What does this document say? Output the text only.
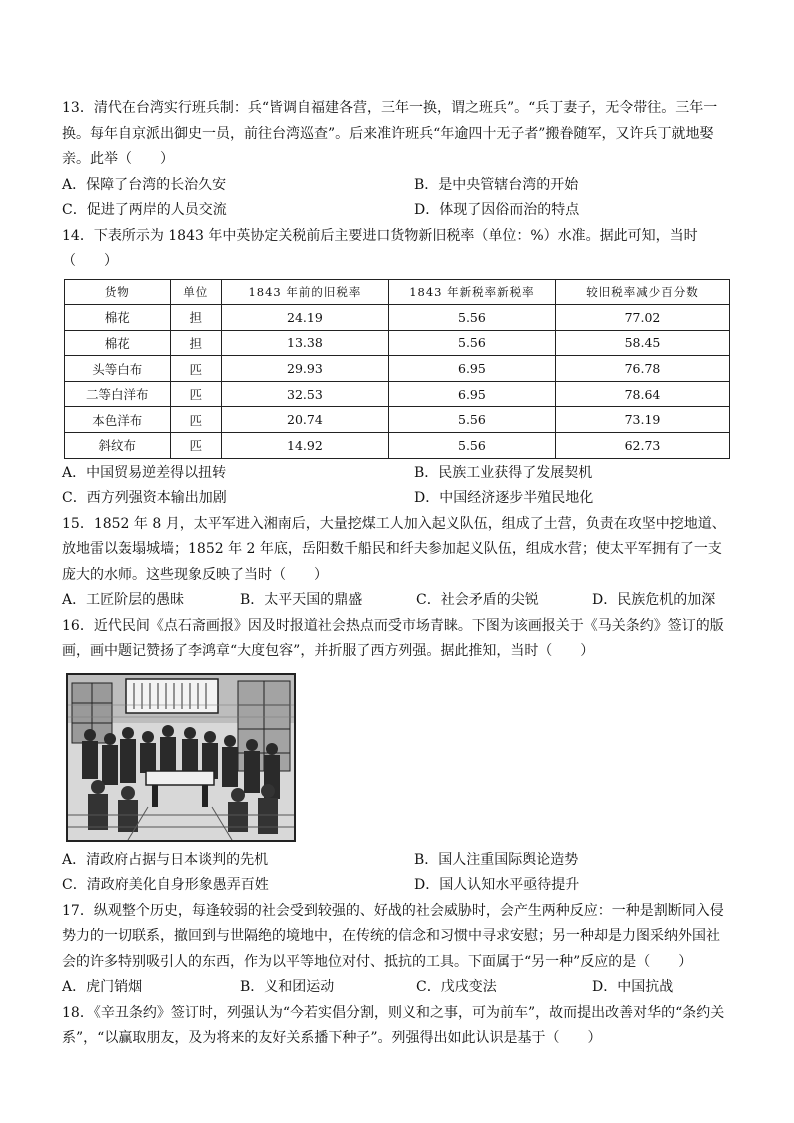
13．清代在台湾实行班兵制：兵“皆调自福建各营，三年一换，谓之班兵”。“兵丁妻子，无令带往。三年一换。每年自京派出御史一员，前往台湾巡查”。后来准许班兵“年逾四十无子者”搬眷随军，又许兵丁就地娶亲。此举（　　）

A．保障了台湾的长治久安	B．是中央管辖台湾的开始
C．促进了两岸的人员交流	D．体现了因俗而治的特点

14．下表所示为 1843 年中英协定关税前后主要进口货物新旧税率（单位：%）水准。据此可知，当时（　　）

货物	单位	1843 年前的旧税率	1843 年新税率新税率	较旧税率减少百分数
棉花	担	24.19	5.56	77.02
棉花	担	13.38	5.56	58.45
头等白布	匹	29.93	6.95	76.78
二等白洋布	匹	32.53	6.95	78.64
本色洋布	匹	20.74	5.56	73.19
斜纹布	匹	14.92	5.56	62.73
A．中国贸易逆差得以扭转	B．民族工业获得了发展契机
C．西方列强资本输出加剧	D．中国经济逐步半殖民地化

15．1852 年 8 月，太平军进入湘南后，大量挖煤工人加入起义队伍，组成了土营，负责在攻坚中挖地道、放地雷以轰塌城墙；1852 年 2 年底，岳阳数千船民和纤夫参加起义队伍，组成水营；使太平军拥有了一支庞大的水师。这些现象反映了当时（　　）

A．工匠阶层的愚昧	B．太平天国的鼎盛	C．社会矛盾的尖锐	D．民族危机的加深

16．近代民间《点石斋画报》因及时报道社会热点而受市场青睐。下图为该画报关于《马关条约》签订的版画，画中题记赞扬了李鸿章“大度包容”，并折服了西方列强。据此推知，当时（　　）

A．清政府占据与日本谈判的先机	B．国人注重国际舆论造势
C．清政府美化自身形象愚弄百姓	D．国人认知水平亟待提升

17．纵观整个历史，每逢较弱的社会受到较强的、好战的社会威胁时，会产生两种反应：一种是割断同入侵势力的一切联系，撤回到与世隔绝的境地中，在传统的信念和习惯中寻求安慰；另一种却是力图采纳外国社会的许多特别吸引人的东西，作为以平等地位对付、抵抗的工具。下面属于“另一种”反应的是（　　）

A．虎门销烟	B．义和团运动	C．戊戌变法	D．中国抗战

18．《辛丑条约》签订时，列强认为“今若实倡分割，则义和之事，可为前车”，故而提出改善对华的“条约关系”，“以赢取朋友，及为将来的友好关系播下种子”。列强得出如此认识是基于（　　）
